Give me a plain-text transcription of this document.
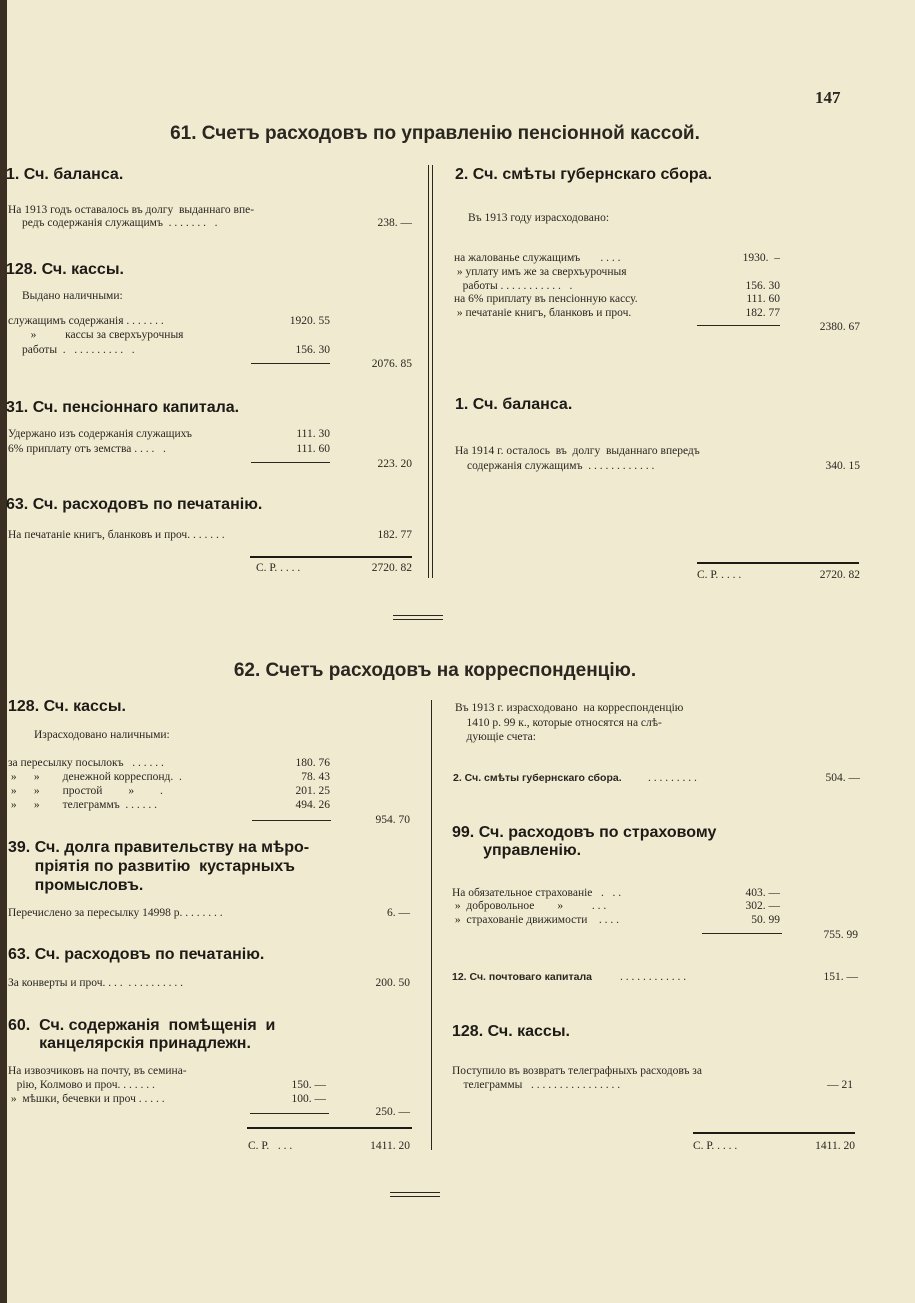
147
61. Счетъ расходовъ по управленію пенсіонной кассой.
1. Сч. баланса.
На 1913 годъ оставалось въ долгу  выданнаго впе-
редъ содержанія служащимъ  . . . . . . .   .	238. —
128. Сч. кассы.
Выдано наличными:
служащимъ содержанія . . . . . . .	1920. 55
»          кассы за сверхъурочныя
работы  .   . . . . . . . . .   .	156. 30
2076. 85
31. Сч. пенсіоннаго капитала.
Удержано изъ содержанія служащихъ	111. 30
6% приплату отъ земства . . . .   .	111. 60
223. 20
63. Сч. расходовъ по печатанію.
На печатаніе книгъ, бланковъ и проч. . . . . . .	182. 77
С. Р. . . . .	2720. 82
2. Сч. смѣты губернскаго сбора.
Въ 1913 году израсходовано:
на жалованье служащимъ       . . . .	1930.  –
» уплату имъ же за сверхъурочныя
работы . . . . . . . . . . .   .	156. 30
на 6% приплату въ пенсіонную кассу.	111. 60
» печатаніе книгъ, бланковъ и проч.	182. 77
2380. 67
1. Сч. баланса.
На 1914 г. осталось  въ  долгу  выданнаго впередъ
содержанія служащимъ  . . . . . . . . . . . .	340. 15
С. Р. . . . .	2720. 82
62. Счетъ расходовъ на корреспонденцію.
128. Сч. кассы.
Израсходовано наличными:
за пересылку посылокъ   . . . . . .	180. 76
»      »        денежной корреспонд.  .	78. 43
»      »        простой         »         .	201. 25
»      »        телеграммъ  . . . . . .	494. 26
954. 70
39. Сч. долга правительству на мѣро-
пріятія по развитію  кустарныхъ
промысловъ.
Перечислено за пересылку 14998 р. . . . . . . .	6. —
63. Сч. расходовъ по печатанію.
За конверты и проч. . . .  . . . . . . . . . .	200. 50
60.  Сч. содержанія  помѣщенія  и
канцелярскія принадлежн.
На извозчиковъ на почту, въ семина-
рію, Колмово и проч. . . . . . .	150. —
»  мѣшки, бечевки и проч . . . . .	100. —
250. —
С. Р.   . . .	1411. 20
Въ 1913 г. израсходовано  на корреспонденцію
1410 р. 99 к., которые относятся на слѣ-
дующіе счета:
2. Сч. смѣты губернскаго сбора. . . . . . . . . .	504. —
99. Сч. расходовъ по страховому
управленію.
На обязательное страхованіе   .   . .	403. —
»  добровольное        »          . . .	302. —
»  страхованіе движимости    . . . .	50. 99
755. 99
12. Сч. почтоваго капитала . . . . . . . . . . . .	151. —
128. Сч. кассы.
Поступило въ возвратъ телеграфныхъ расходовъ за
телеграммы   . . . . . . . . . . . . . . . .	— 21
С. Р. . . . .	1411. 20
